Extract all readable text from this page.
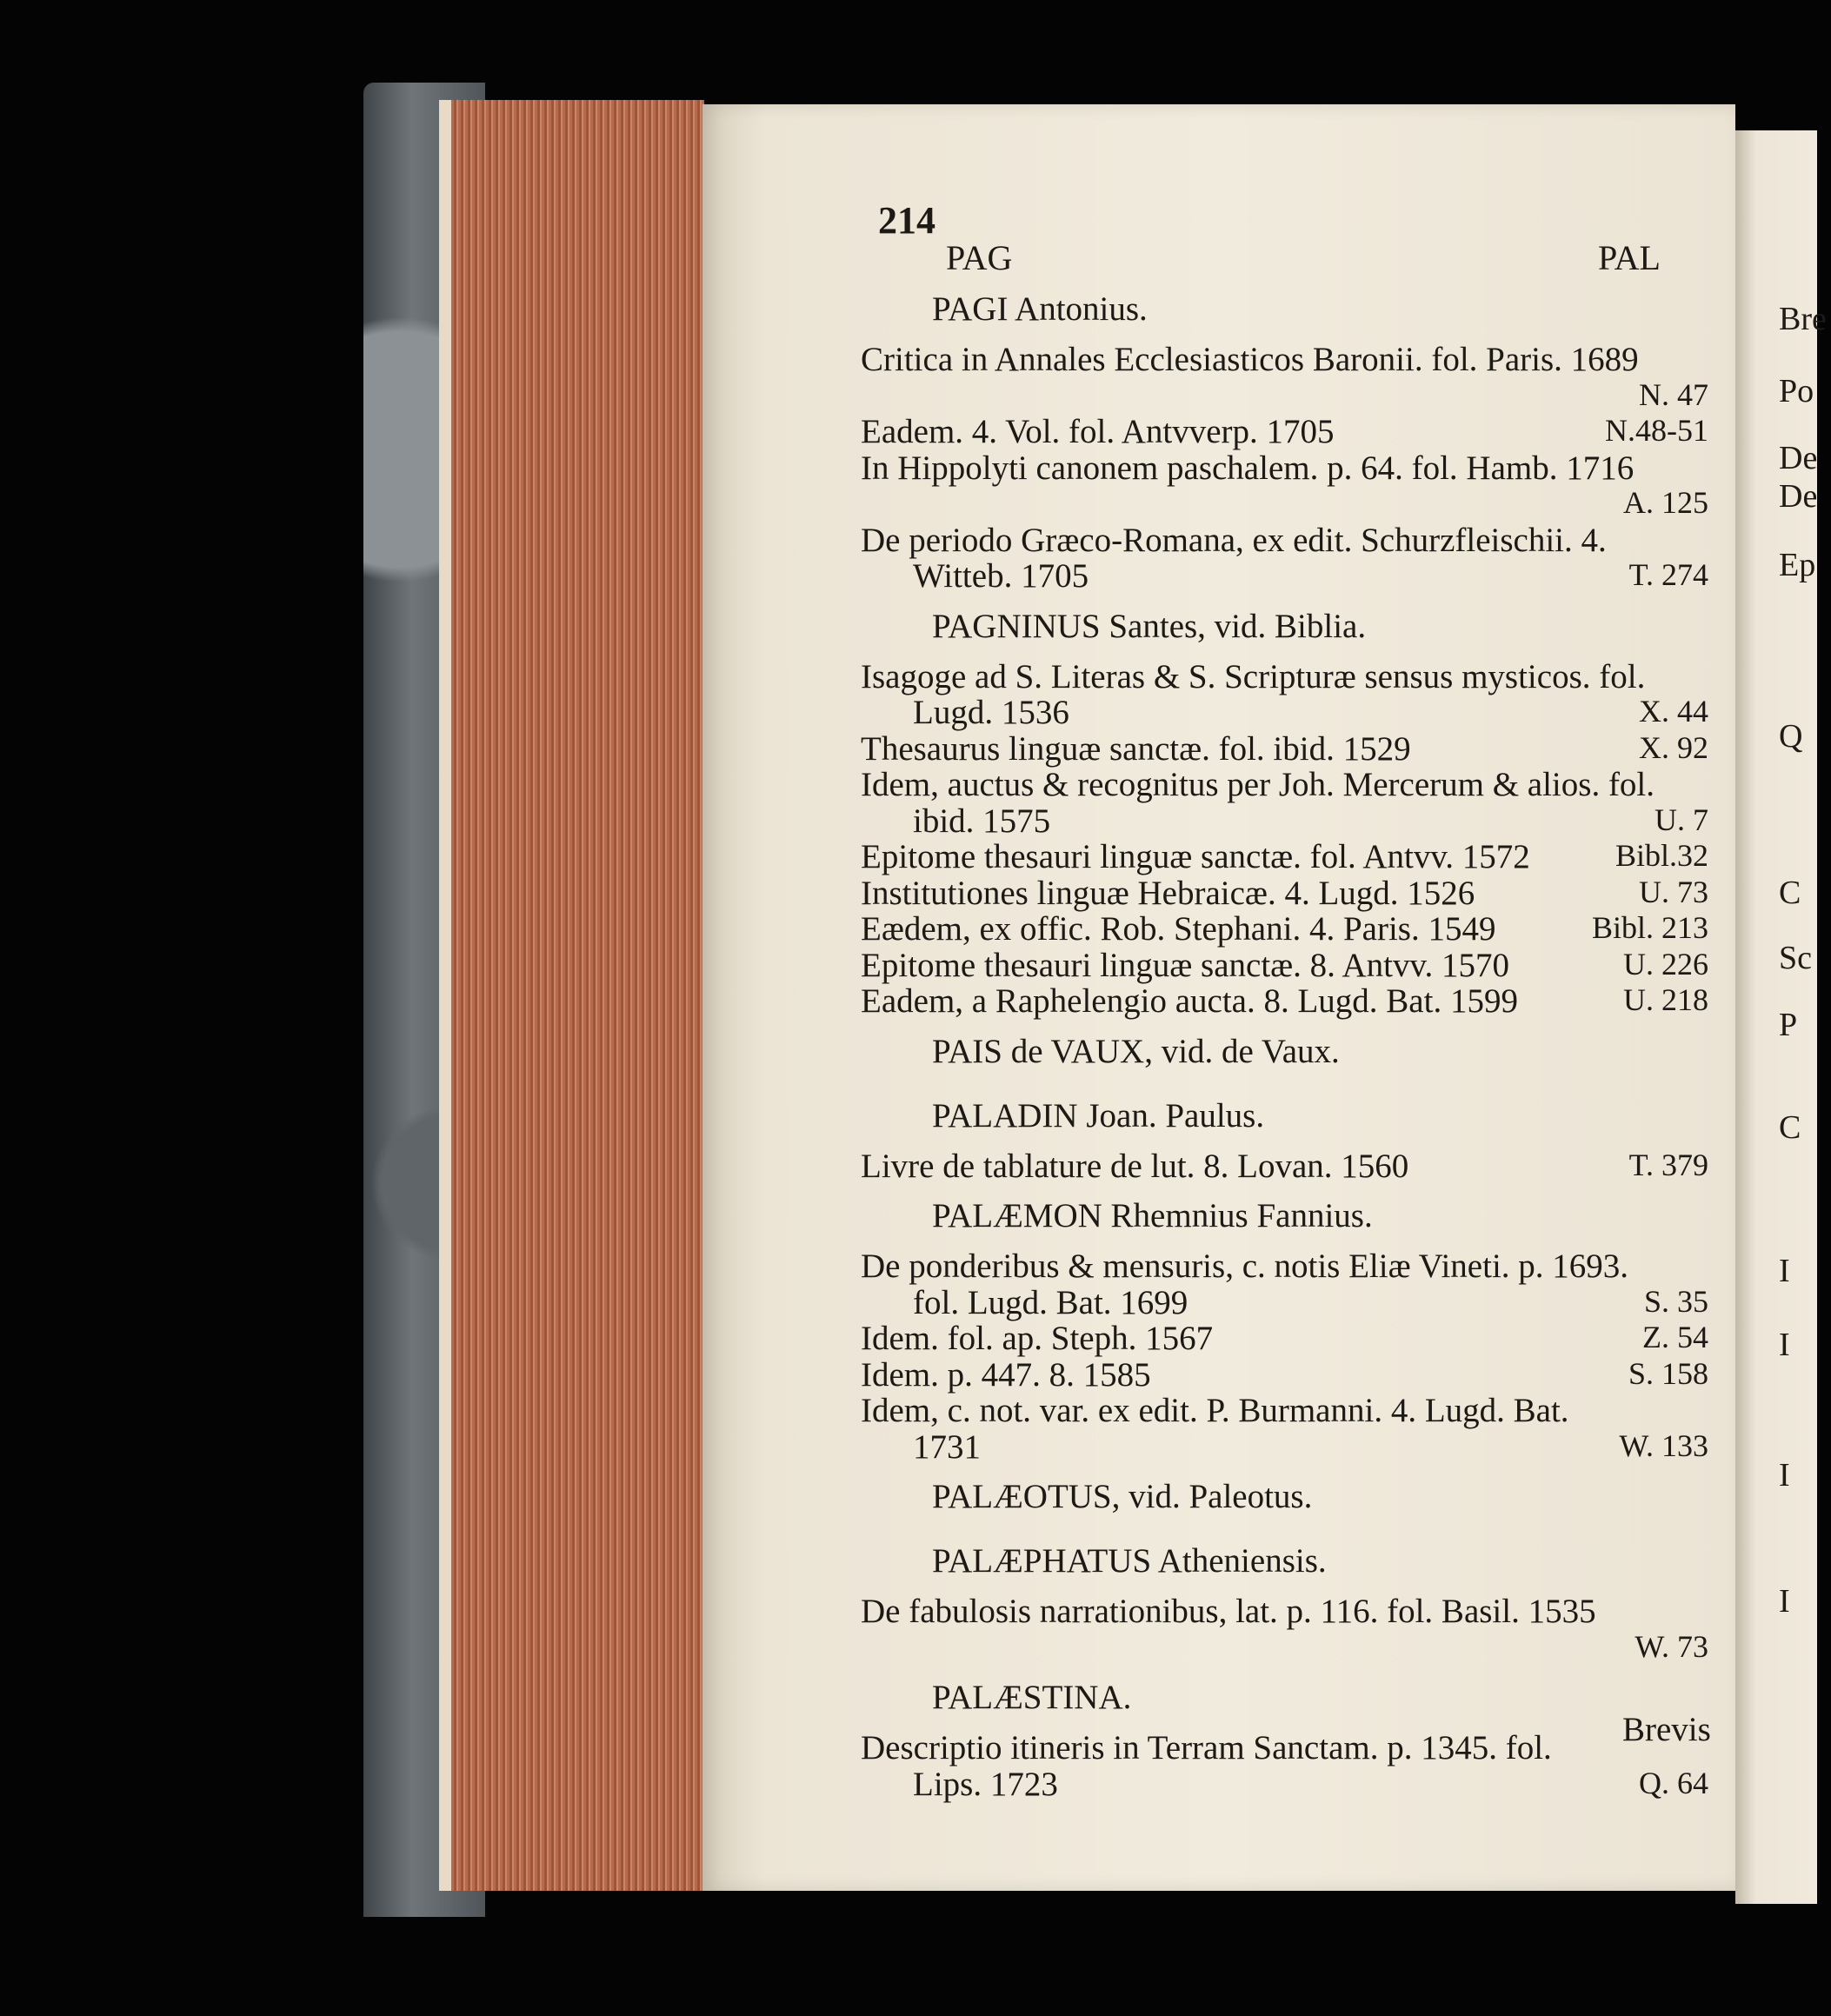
Bre
Po
De
De
Ep
Q
C
Sc
P
C
I
I
I
I
214
PAG	PAL
PAGI Antonius.
Critica in Annales Ecclesiasticos Baronii. fol. Paris. 1689
N. 47
Eadem. 4. Vol. fol. Antvverp. 1705	N.48-51
In Hippolyti canonem paschalem. p. 64. fol. Hamb. 1716
A. 125
De periodo Græco-Romana, ex edit. Schurzfleischii. 4.
Witteb. 1705	T. 274
PAGNINUS Santes, vid. Biblia.
Isagoge ad S. Literas & S. Scripturæ sensus mysticos. fol.
Lugd. 1536	X. 44
Thesaurus linguæ sanctæ. fol. ibid. 1529	X. 92
Idem, auctus & recognitus per Joh. Mercerum & alios. fol.
ibid. 1575	U. 7
Epitome thesauri linguæ sanctæ. fol. Antvv. 1572	Bibl.32
Institutiones linguæ Hebraicæ. 4. Lugd. 1526	U. 73
Eædem, ex offic. Rob. Stephani. 4. Paris. 1549	Bibl. 213
Epitome thesauri linguæ sanctæ. 8. Antvv. 1570	U. 226
Eadem, a Raphelengio aucta. 8. Lugd. Bat. 1599	U. 218
PAIS de VAUX, vid. de Vaux.
PALADIN Joan. Paulus.
Livre de tablature de lut. 8. Lovan. 1560	T. 379
PALÆMON Rhemnius Fannius.
De ponderibus & mensuris, c. notis Eliæ Vineti. p. 1693.
fol. Lugd. Bat. 1699	S. 35
Idem. fol. ap. Steph. 1567	Z. 54
Idem. p. 447. 8. 1585	S. 158
Idem, c. not. var. ex edit. P. Burmanni. 4. Lugd. Bat.
1731	W. 133
PALÆOTUS, vid. Paleotus.
PALÆPHATUS Atheniensis.
De fabulosis narrationibus, lat. p. 116. fol. Basil. 1535
W. 73
PALÆSTINA.
Descriptio itineris in Terram Sanctam. p. 1345. fol.
Lips. 1723	Q. 64
Brevis
